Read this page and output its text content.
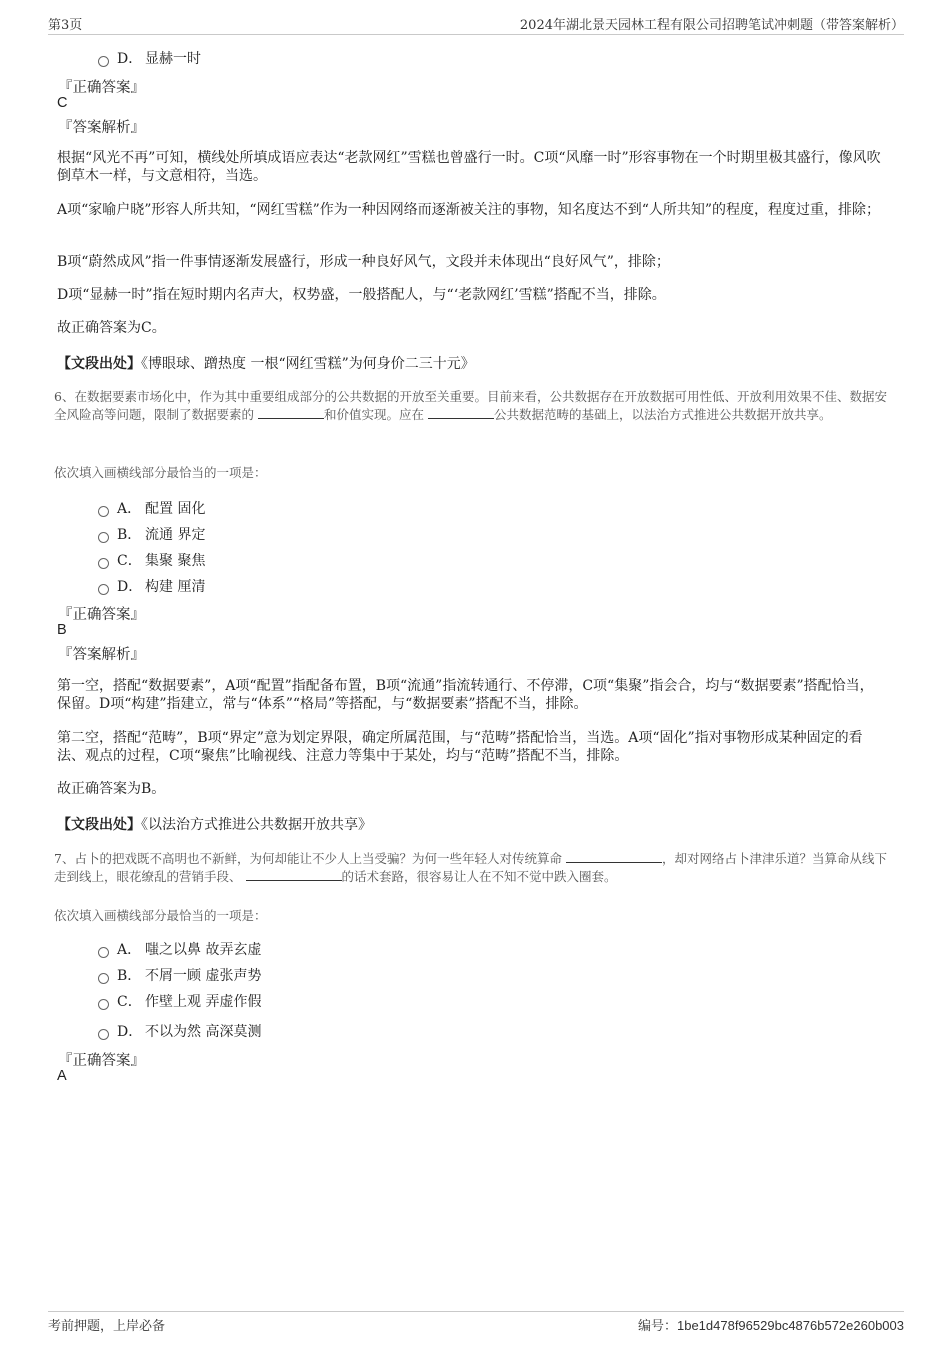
第3页	2024年湖北景天园林工程有限公司招聘笔试冲刺题（带答案解析）
D． 显赫一时
『正确答案』
C
『答案解析』
根据“风光不再”可知，横线处所填成语应表达“老款网红”雪糕也曾盛行一时。C项“风靡一时”形容事物在一个时期里极其盛行，像风吹倒草木一样，与文意相符，当选。
A项“家喻户晓”形容人所共知，“网红雪糕”作为一种因网络而逐渐被关注的事物，知名度达不到“人所共知”的程度，程度过重，排除；
B项“蔚然成风”指一件事情逐渐发展盛行，形成一种良好风气，文段并未体现出“良好风气”，排除；
D项“显赫一时”指在短时期内名声大，权势盛，一般搭配人，与“‘老款网红’雪糕”搭配不当，排除。
故正确答案为C。
【文段出处】《博眼球、蹭热度 一根“网红雪糕”为何身价二三十元》
6、在数据要素市场化中，作为其中重要组成部分的公共数据的开放至关重要。目前来看，公共数据存在开放数据可用性低、开放利用效果不佳、数据安全风险高等问题，限制了数据要素的	和价值实现。应在	公共数据范畴的基础上，以法治方式推进公共数据开放共享。
依次填入画横线部分最恰当的一项是：
A． 配置 固化
B． 流通 界定
C． 集聚 聚焦
D． 构建 厘清
『正确答案』
B
『答案解析』
第一空，搭配“数据要素”，A项“配置”指配备布置，B项“流通”指流转通行、不停滞，C项“集聚”指会合，均与“数据要素”搭配恰当，保留。D项“构建”指建立，常与“体系”“格局”等搭配，与“数据要素”搭配不当，排除。
第二空，搭配“范畴”，B项“界定”意为划定界限，确定所属范围，与“范畴”搭配恰当，当选。A项“固化”指对事物形成某种固定的看法、观点的过程，C项“聚焦”比喻视线、注意力等集中于某处，均与“范畴”搭配不当，排除。
故正确答案为B。
【文段出处】《以法治方式推进公共数据开放共享》
7、占卜的把戏既不高明也不新鲜，为何却能让不少人上当受骗？为何一些年轻人对传统算命	，却对网络占卜津津乐道？当算命从线下走到线上，眼花缭乱的营销手段、	的话术套路，很容易让人在不知不觉中跌入圈套。
依次填入画横线部分最恰当的一项是：
A． 嗤之以鼻 故弄玄虚
B． 不屑一顾 虚张声势
C． 作壁上观 弄虚作假
D． 不以为然 高深莫测
『正确答案』
A
考前押题，上岸必备	编号：1be1d478f96529bc4876b572e260b003
